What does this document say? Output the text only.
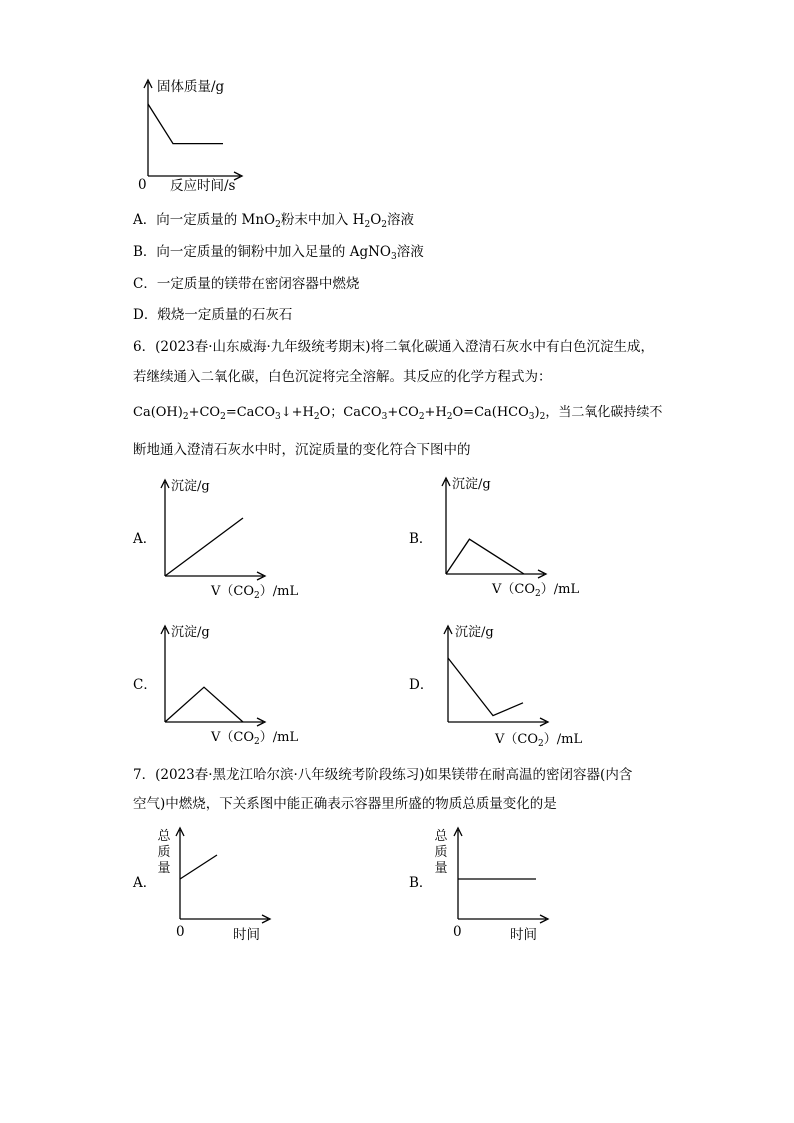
固体质量/g
0 反应时间/s
A．向一定质量的 MnO$_2$粉末中加入 $H_2O_2$溶液
B．向一定质量的铜粉中加入足量的 AgNO$_3$溶液
C．一定质量的镁带在密闭容器中燃烧
D．煅烧一定质量的石灰石
6．(2023春·山东威海·九年级统考期末)将二氧化碳通入澄清石灰水中有白色沉淀生成，
若继续通入二氧化碳，白色沉淀将完全溶解。其反应的化学方程式为：
$Ca(OH)_2+CO_2=CaCO_3↓+H_2O$；$CaCO_3+CO_2+H_2O=Ca(HCO_3)_2$，当二氧化碳持续不
断地通入澄清石灰水中时，沉淀质量的变化符合下图中的
A．
沉淀/g
$V(CO_2)/mL$
B．
沉淀/g
$V(CO_2)/mL$
C．
沉淀/g
$V(CO_2)/mL$
D．
沉淀/g
$V(CO_2)/mL$
7．(2023春·黑龙江哈尔滨·八年级统考阶段练习)如果镁带在耐高温的密闭容器(内含
空气)中燃烧，下关系图中能正确表示容器里所盛的物质总质量变化的是
总
质
量
A．
0	时间
总
质
量
B．
0	时间
